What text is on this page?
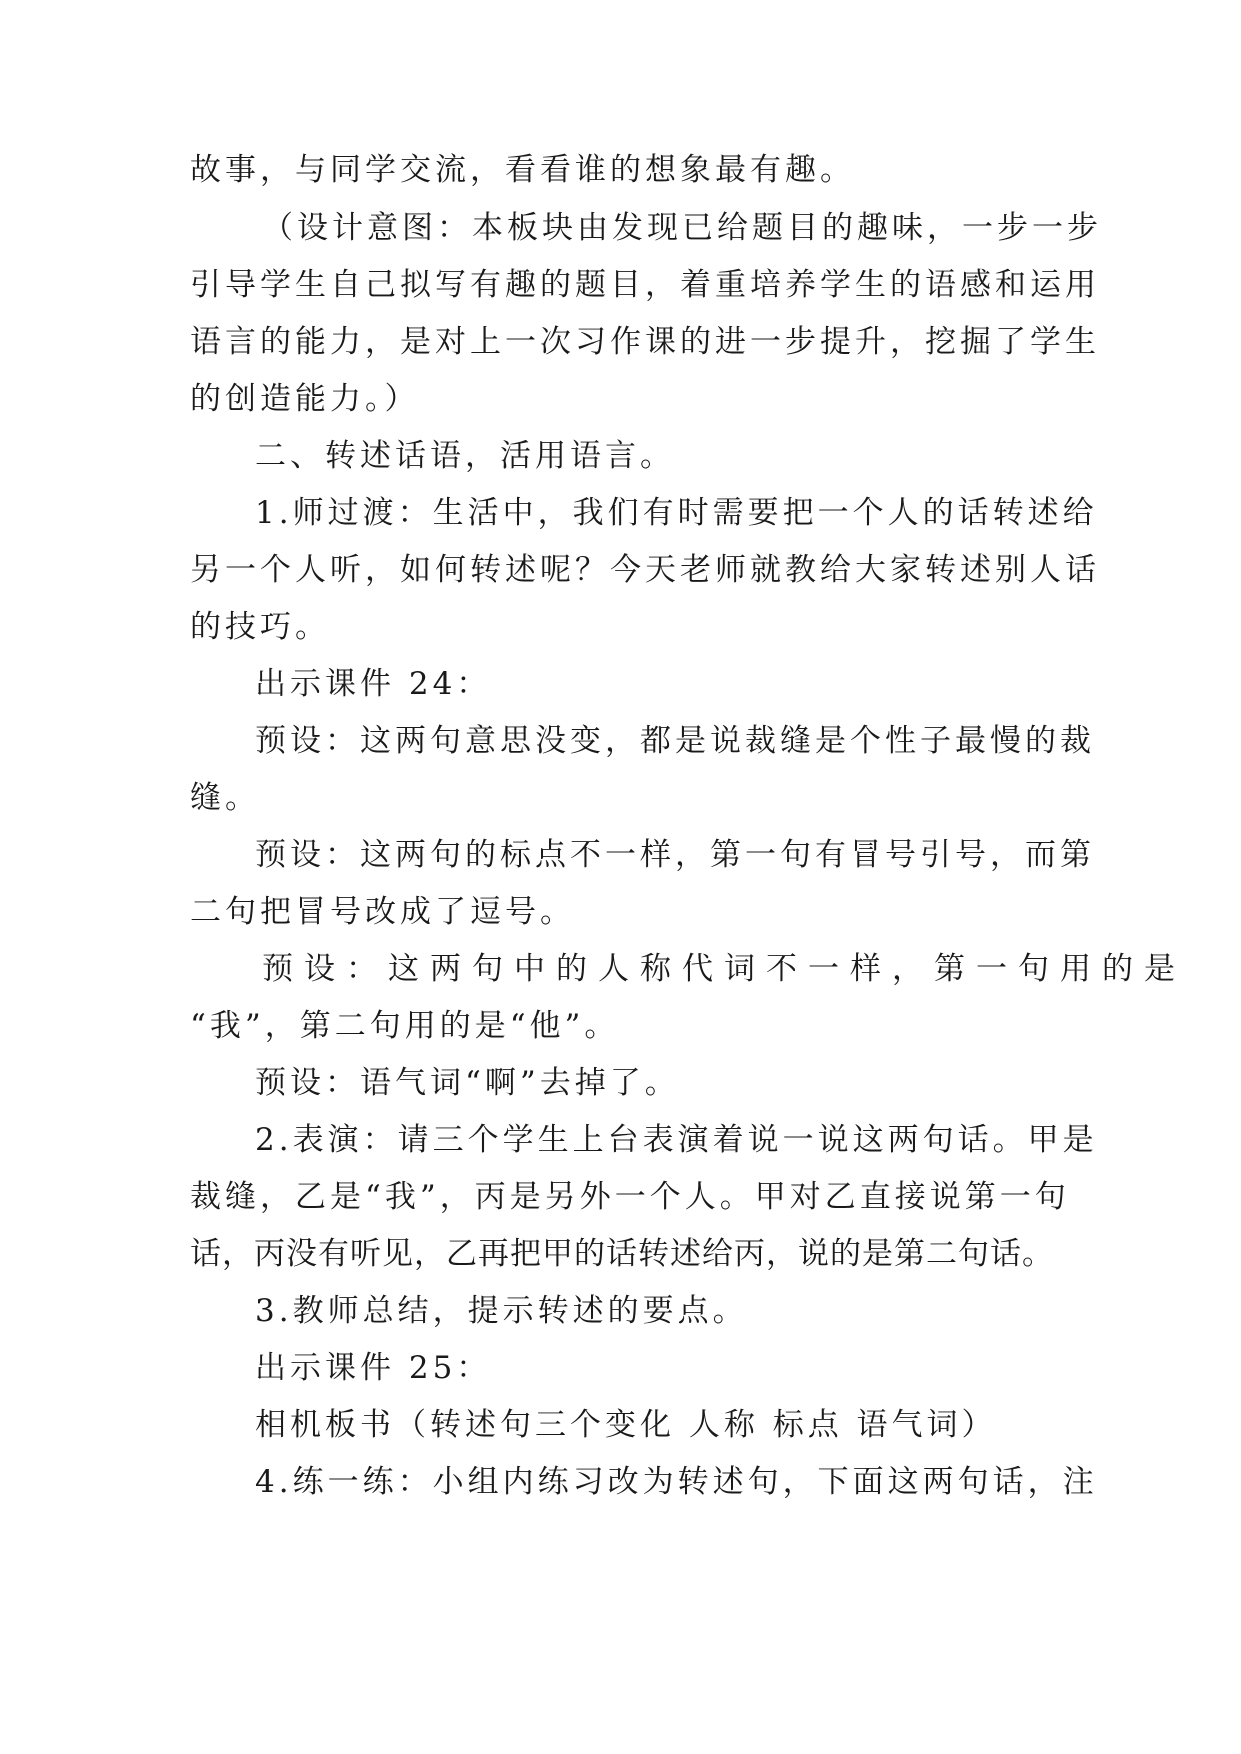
故事，与同学交流，看看谁的想象最有趣。
（设计意图：本板块由发现已给题目的趣味，一步一步
引导学生自己拟写有趣的题目，着重培养学生的语感和运用
语言的能力，是对上一次习作课的进一步提升，挖掘了学生
的创造能力。）
二、转述话语，活用语言。
1.师过渡：生活中，我们有时需要把一个人的话转述给
另一个人听，如何转述呢？今天老师就教给大家转述别人话
的技巧。
出示课件 24：
预设：这两句意思没变，都是说裁缝是个性子最慢的裁
缝。
预设：这两句的标点不一样，第一句有冒号引号，而第
二句把冒号改成了逗号。
预设：这两句中的人称代词不一样，第一句用的是
“我”，第二句用的是“他”。
预设：语气词“啊”去掉了。
2.表演：请三个学生上台表演着说一说这两句话。甲是
裁缝，乙是“我”，丙是另外一个人。甲对乙直接说第一句
话，丙没有听见，乙再把甲的话转述给丙，说的是第二句话。
3.教师总结，提示转述的要点。
出示课件 25：
相机板书（转述句三个变化 人称 标点 语气词）
4.练一练：小组内练习改为转述句，下面这两句话，注
